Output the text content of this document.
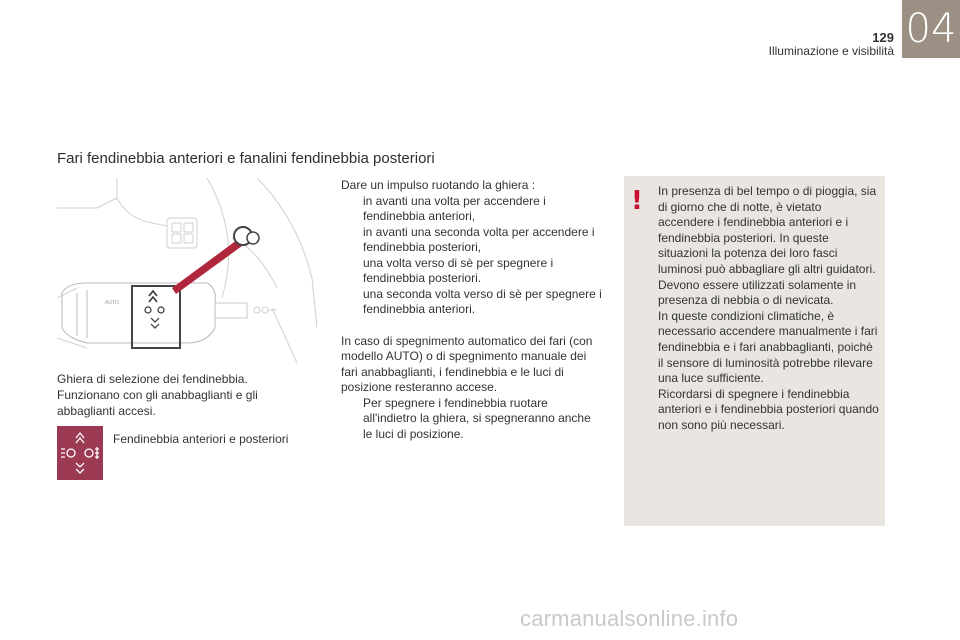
129
Illuminazione e visibilità 04
Fari fendinebbia anteriori e fanalini fendinebbia posteriori
AUTO
Ghiera di selezione dei fendinebbia.
Funzionano con gli anabbaglianti e gli
abbaglianti accesi.
Fendinebbia anteriori e posteriori

Dare un impulso ruotando la ghiera :

in avanti una volta per accendere i fendinebbia anteriori,

in avanti una seconda volta per accendere i fendinebbia posteriori,

una volta verso di sè per spegnere i fendinebbia posteriori.

una seconda volta verso di sè per spegnere i fendinebbia anteriori.

In caso di spegnimento automatico dei fari (con modello AUTO) o di spegnimento manuale dei fari anabbaglianti, i fendinebbia e le luci di posizione resteranno accese.

Per spegnere i fendinebbia ruotare all'indietro la ghiera, si spegneranno anche le luci di posizione.

! In presenza di bel tempo o di pioggia, sia di giorno che di notte, è vietato accendere i fendinebbia anteriori e i fendinebbia posteriori. In queste situazioni la potenza dei loro fasci luminosi può abbagliare gli altri guidatori. Devono essere utilizzati solamente in presenza di nebbia o di nevicata.
In queste condizioni climatiche, è necessario accendere manualmente i fari fendinebbia e i fari anabbaglianti, poichè il sensore di luminosità potrebbe rilevare una luce sufficiente.
Ricordarsi di spegnere i fendinebbia anteriori e i fendinebbia posteriori quando non sono più necessari.
carmanualsonline.info
